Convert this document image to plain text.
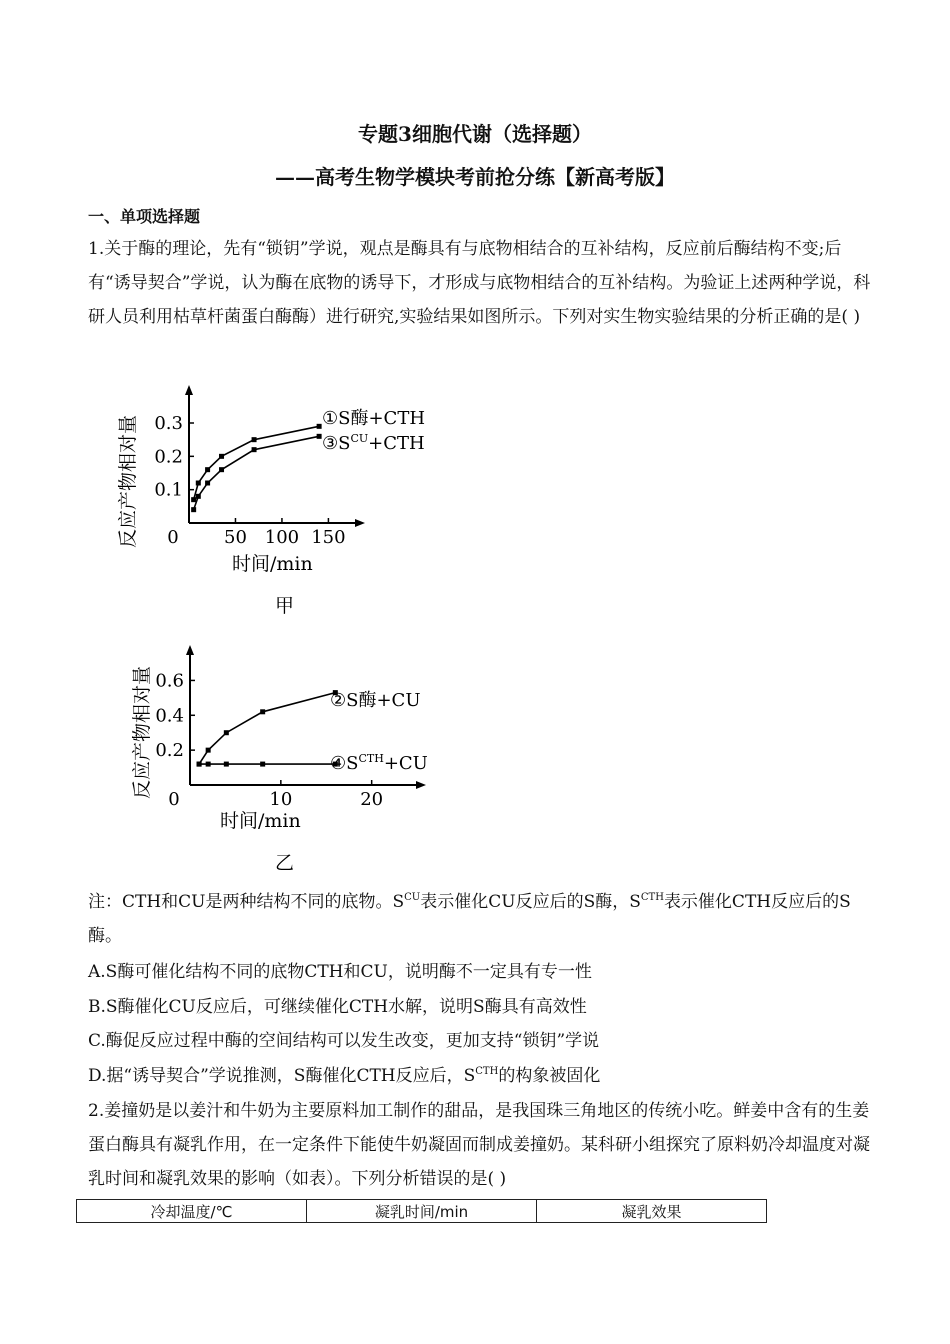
专题3细胞代谢（选择题）
——高考生物学模块考前抢分练【新高考版】
一、单项选择题
1.关于酶的理论，先有“锁钥”学说，观点是酶具有与底物相结合的互补结构，反应前后酶结构不变;后有“诱导契合”学说，认为酶在底物的诱导下，才形成与底物相结合的互补结构。为验证上述两种学说，科研人员利用枯草杆菌蛋白酶酶）进行研究,实验结果如图所示。下列对实生物实验结果的分析正确的是( )
0	50 100 150
0.1
0.2
0.3	①S酶+CTH
$③S^{CU}+CTH$
反应产物相对量
时间/min
甲
0	10	20
0.2
0.4
0.6
②S酶+CU
$④S^{CTH}+CU$
反应产物相对量
时间/min
乙
注：CTH和CU是两种结构不同的底物。$S^{CU}$表示催化CU反应后的S酶，$S^{CTH}$表示催化CTH反应后的S酶。
A.S酶可催化结构不同的底物CTH和CU，说明酶不一定具有专一性
B.S酶催化CU反应后，可继续催化CTH水解，说明S酶具有高效性
C.酶促反应过程中酶的空间结构可以发生改变，更加支持“锁钥”学说
D.据“诱导契合”学说推测，S酶催化CTH反应后，$S^{CTH}$的构象被固化
2.姜撞奶是以姜汁和牛奶为主要原料加工制作的甜品，是我国珠三角地区的传统小吃。鲜姜中含有的生姜蛋白酶具有凝乳作用，在一定条件下能使牛奶凝固而制成姜撞奶。某科研小组探究了原料奶冷却温度对凝乳时间和凝乳效果的影响（如表）。下列分析错误的是( )
冷却温度/℃	凝乳时间/min	凝乳效果
